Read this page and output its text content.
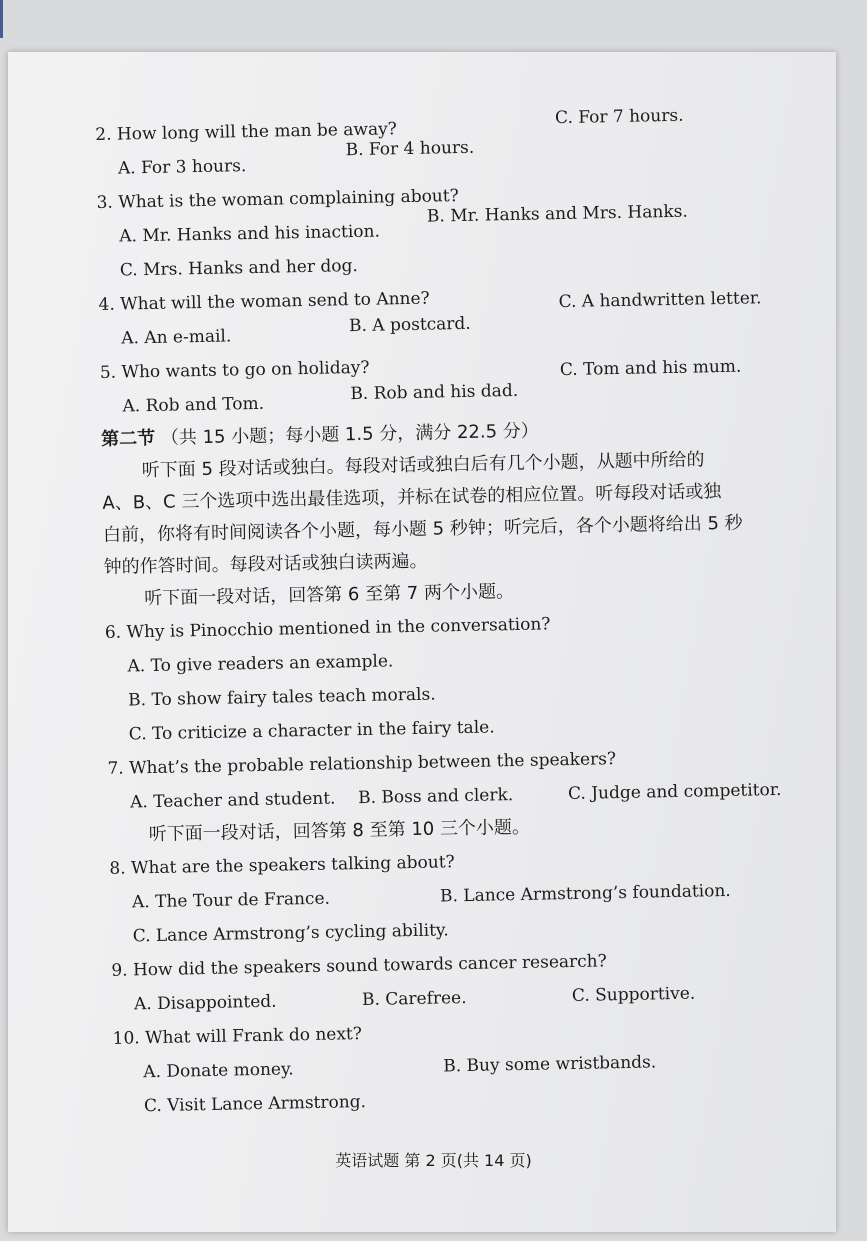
2. How long will the man be away?
C. For 7 hours.
A. For 3 hours.
B. For 4 hours.
3. What is the woman complaining about?
A. Mr. Hanks and his inaction.
B. Mr. Hanks and Mrs. Hanks.
C. Mrs. Hanks and her dog.
4. What will the woman send to Anne?	C. A handwritten letter.
A. An e-mail.
B. A postcard.
5. Who wants to go on holiday?	C. Tom and his mum.
A. Rob and Tom.
B. Rob and his dad.
第二节 （共 15 小题；每小题 1.5 分，满分 22.5 分）
听下面 5 段对话或独白。每段对话或独白后有几个小题，从题中所给的
A、B、C 三个选项中选出最佳选项，并标在试卷的相应位置。听每段对话或独
白前，你将有时间阅读各个小题，每小题 5 秒钟；听完后，各个小题将给出 5 秒
钟的作答时间。每段对话或独白读两遍。
听下面一段对话，回答第 6 至第 7 两个小题。
6. Why is Pinocchio mentioned in the conversation?
A. To give readers an example.
B. To show fairy tales teach morals.
C. To criticize a character in the fairy tale.
7. What’s the probable relationship between the speakers?
A. Teacher and student. B. Boss and clerk.	C. Judge and competitor.
听下面一段对话，回答第 8 至第 10 三个小题。
8. What are the speakers talking about?
A. The Tour de France.	B. Lance Armstrong’s foundation.
C. Lance Armstrong’s cycling ability.
9. How did the speakers sound towards cancer research?
A. Disappointed.	B. Carefree.	C. Supportive.
10. What will Frank do next?
A. Donate money.	B. Buy some wristbands.
C. Visit Lance Armstrong.
英语试题 第 2 页(共 14 页)
